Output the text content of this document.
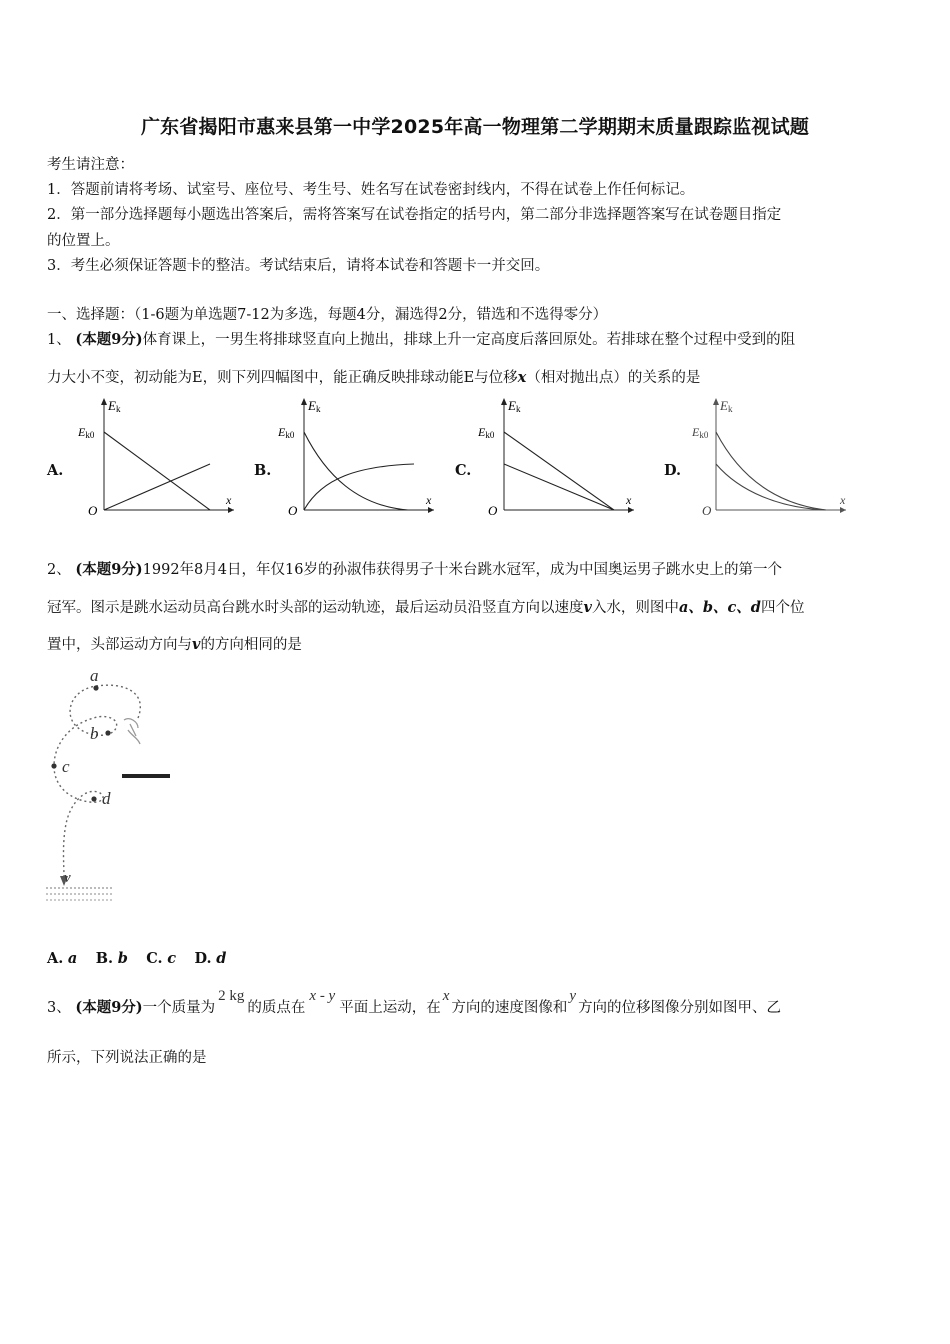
广东省揭阳市惠来县第一中学2025年高一物理第二学期期末质量跟踪监视试题
考生请注意：
1．答题前请将考场、试室号、座位号、考生号、姓名写在试卷密封线内，不得在试卷上作任何标记。
2．第一部分选择题每小题选出答案后，需将答案写在试卷指定的括号内，第二部分非选择题答案写在试卷题目指定
的位置上。
3．考生必须保证答题卡的整洁。考试结束后，请将本试卷和答题卡一并交回。
一、选择题：（1-6题为单选题7-12为多选，每题4分，漏选得2分，错选和不选得零分）
1、 (本题9分)体育课上，一男生将排球竖直向上抛出，排球上升一定高度后落回原处。若排球在整个过程中受到的阻
力大小不变，初动能为E，则下列四幅图中，能正确反映排球动能E与位移x（相对抛出点）的关系的是
A.	B.	C.	D.
Ek
Ek0
O
x
Ek
Ek0
O
x
Ek
Ek0
O
x
Ek
Ek0
O
x
2、 (本题9分)1992年8月4日，年仅16岁的孙淑伟获得男子十米台跳水冠军，成为中国奥运男子跳水史上的第一个
冠军。图示是跳水运动员高台跳水时头部的运动轨迹，最后运动员沿竖直方向以速度v入水，则图中a、b、c、d四个位
置中，头部运动方向与v的方向相同的是
a
b
c
d
v
A. a B. b C. c D. d
3、 (本题9分)一个质量为2 kg的质点在x - y平面上运动，在x方向的速度图像和y方向的位移图像分别如图甲、乙
所示，下列说法正确的是
